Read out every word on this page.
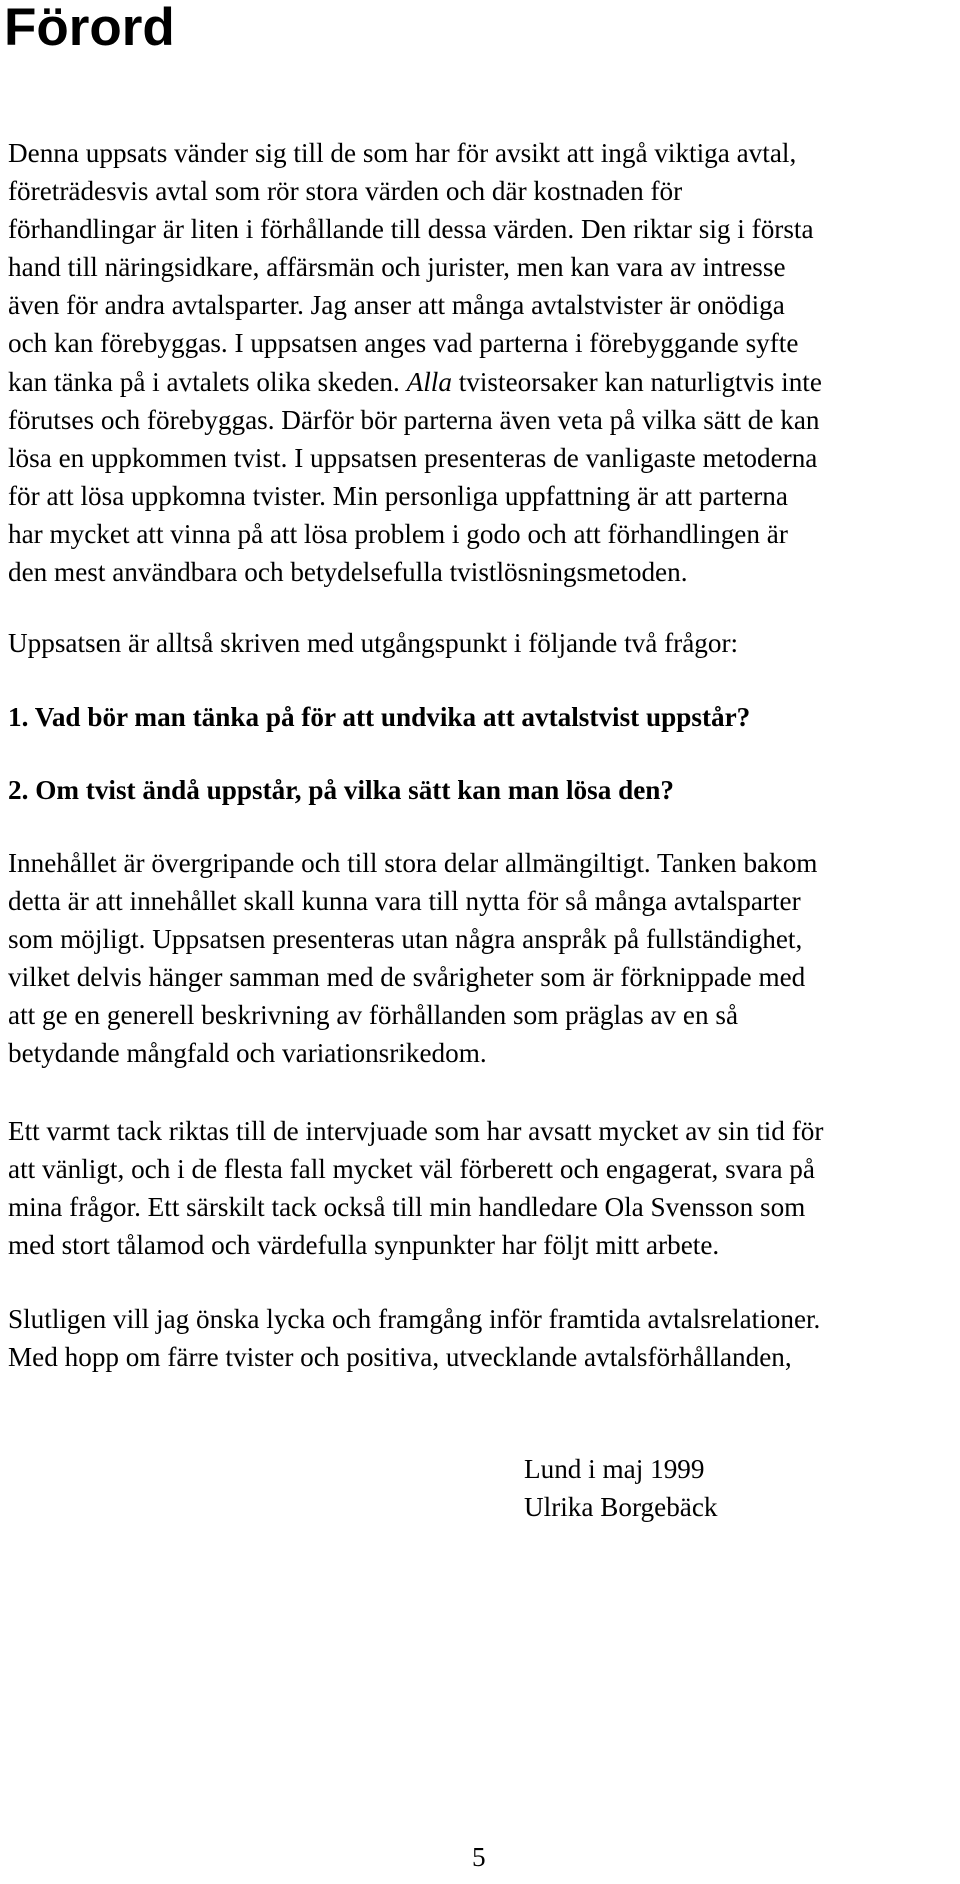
Förord
Denna uppsats vänder sig till de som har för avsikt att ingå viktiga avtal,
företrädesvis avtal som rör stora värden och där kostnaden för
förhandlingar är liten i förhållande till dessa värden. Den riktar sig i första
hand till näringsidkare, affärsmän och jurister, men kan vara av intresse
även för andra avtalsparter. Jag anser att många avtalstvister är onödiga
och kan förebyggas. I uppsatsen anges vad parterna i förebyggande syfte
kan tänka på i avtalets olika skeden. Alla tvisteorsaker kan naturligtvis inte
förutses och förebyggas. Därför bör parterna även veta på vilka sätt de kan
lösa en uppkommen tvist. I uppsatsen presenteras de vanligaste metoderna
för att lösa uppkomna tvister. Min personliga uppfattning är att parterna
har mycket att vinna på att lösa problem i godo och att förhandlingen är
den mest användbara och betydelsefulla tvistlösningsmetoden.

Uppsatsen är alltså skriven med utgångspunkt i följande två frågor:

1. Vad bör man tänka på för att undvika att avtalstvist uppstår?

2. Om tvist ändå uppstår, på vilka sätt kan man lösa den?

Innehållet är övergripande och till stora delar allmängiltigt. Tanken bakom
detta är att innehållet skall kunna vara till nytta för så många avtalsparter
som möjligt. Uppsatsen presenteras utan några anspråk på fullständighet,
vilket delvis hänger samman med de svårigheter som är förknippade med
att ge en generell beskrivning av förhållanden som präglas av en så
betydande mångfald och variationsrikedom.
Ett varmt tack riktas till de intervjuade som har avsatt mycket av sin tid för
att vänligt, och i de flesta fall mycket väl förberett och engagerat, svara på
mina frågor. Ett särskilt tack också till min handledare Ola Svensson som
med stort tålamod och värdefulla synpunkter har följt mitt arbete.
Slutligen vill jag önska lycka och framgång inför framtida avtalsrelationer.
Med hopp om färre tvister och positiva, utvecklande avtalsförhållanden,
Lund i maj 1999
Ulrika Borgebäck
5
